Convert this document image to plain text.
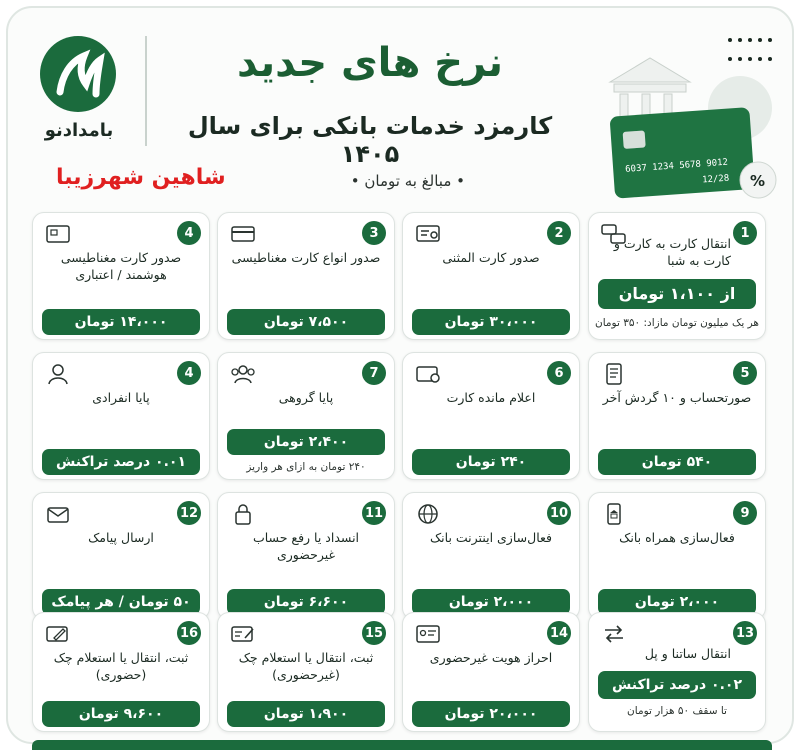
بامدادنو
نرخ های جدید
کارمزد خدمات بانکی برای سال ۱۴۰۵
شاهین شهرزیبا	• مبالغ به تومان •

6037 1234 5678 9012
12/28 %
1
انتقال کارت به کارت و کارت به شبا
از ۱،۱۰۰ تومان
هر یک میلیون تومان مازاد: ۳۵۰ تومان
2
صدور کارت المثنی
۳۰،۰۰۰ تومان
3
صدور انواع کارت مغناطیسی
۷،۵۰۰ تومان
4
صدور کارت مغناطیسی هوشمند / اعتباری
۱۴،۰۰۰ تومان
5
صورتحساب و ۱۰ گردش آخر
۵۴۰ تومان
6
اعلام مانده کارت
۲۴۰ تومان
7
پایا گروهی
۲،۴۰۰ تومان
۲۴۰ تومان به ازای هر واریز
4
پایا انفرادی
۰.۰۱ درصد تراکنش
9
فعال‌سازی همراه بانک
۲،۰۰۰ تومان
10
فعال‌سازی اینترنت بانک
۲،۰۰۰ تومان
11
انسداد یا رفع حساب غیرحضوری
۶،۶۰۰ تومان
12
ارسال پیامک
۵۰ تومان / هر پیامک
13
انتقال ساتنا و پل
۰.۰۲ درصد تراکنش
تا سقف ۵۰ هزار تومان
14
احراز هویت غیرحضوری
۲۰،۰۰۰ تومان
15
ثبت، انتقال یا استعلام چک (غیرحضوری)
۱،۹۰۰ تومان
16
ثبت، انتقال یا استعلام چک (حضوری)
۹،۶۰۰ تومان
